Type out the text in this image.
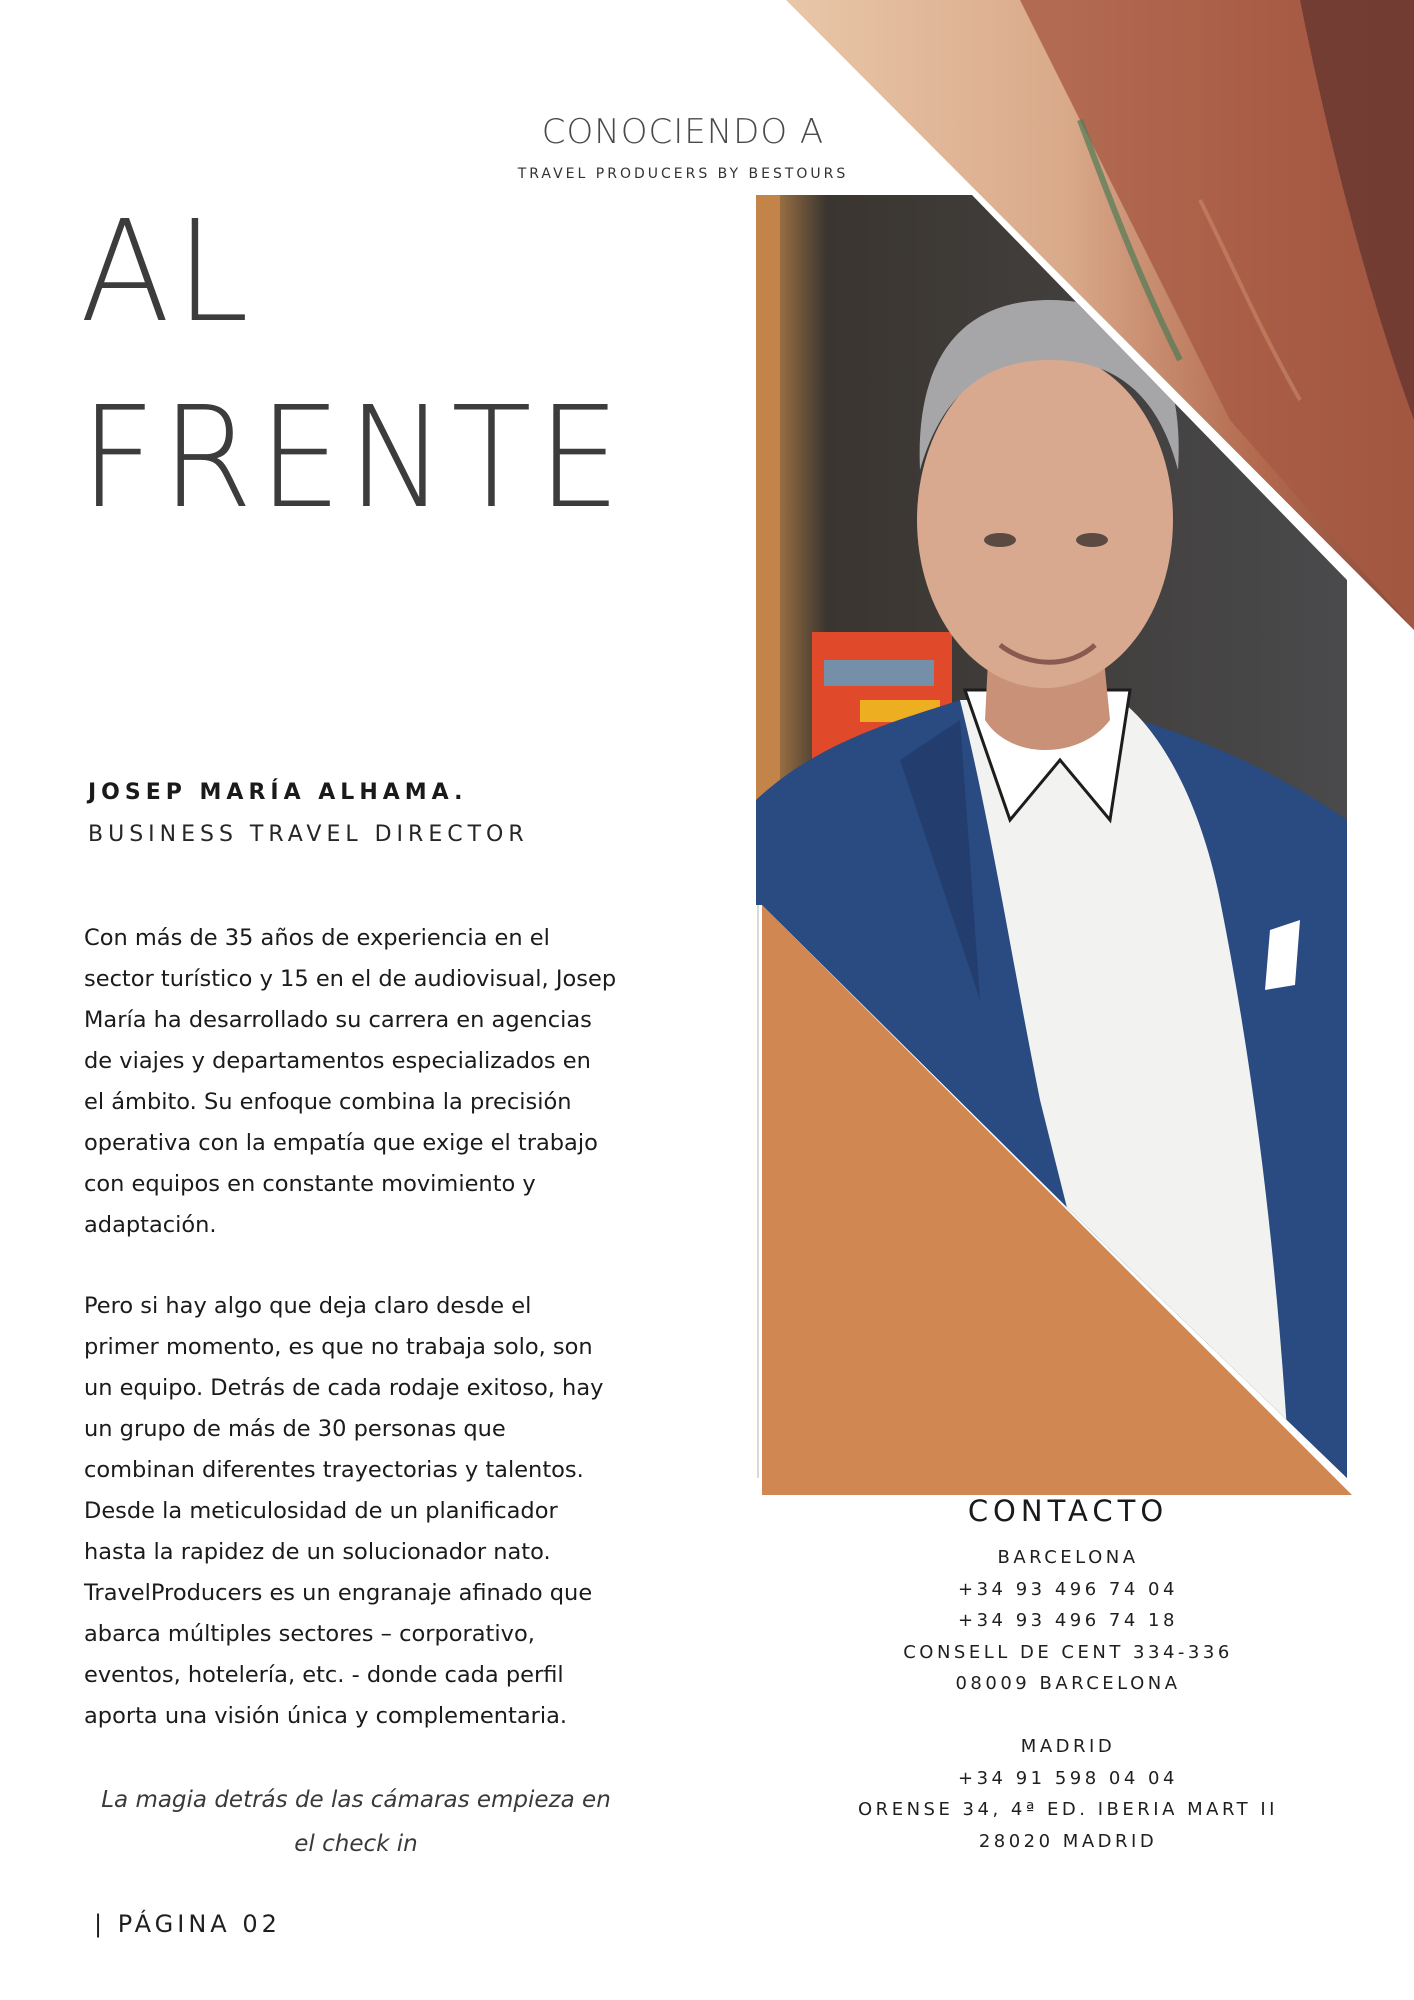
CONOCIENDO A
TRAVEL PRODUCERS BY BESTOURS
AL
FRENTE
JOSEP MARÍA ALHAMA.
BUSINESS TRAVEL DIRECTOR
Con más de 35 años de experiencia en el
sector turístico y 15 en el de audiovisual, Josep
María ha desarrollado su carrera en agencias
de viajes y departamentos especializados en
el ámbito. Su enfoque combina la precisión
operativa con la empatía que exige el trabajo
con equipos en constante movimiento y
adaptación.
Pero si hay algo que deja claro desde el
primer momento, es que no trabaja solo, son
un equipo. Detrás de cada rodaje exitoso, hay
un grupo de más de 30 personas que
combinan diferentes trayectorias y talentos.
Desde la meticulosidad de un planificador
hasta la rapidez de un solucionador nato.
TravelProducers es un engranaje afinado que
abarca múltiples sectores – corporativo,
eventos, hotelería, etc. - donde cada perfil
aporta una visión única y complementaria.
La magia detrás de las cámaras empieza en
el check in
CONTACTO
BARCELONA
+34 93 496 74 04
+34 93 496 74 18
CONSELL DE CENT 334-336
08009 BARCELONA
MADRID
+34 91 598 04 04
ORENSE 34, 4ª ED. IBERIA MART II
28020 MADRID
| PÁGINA 02
